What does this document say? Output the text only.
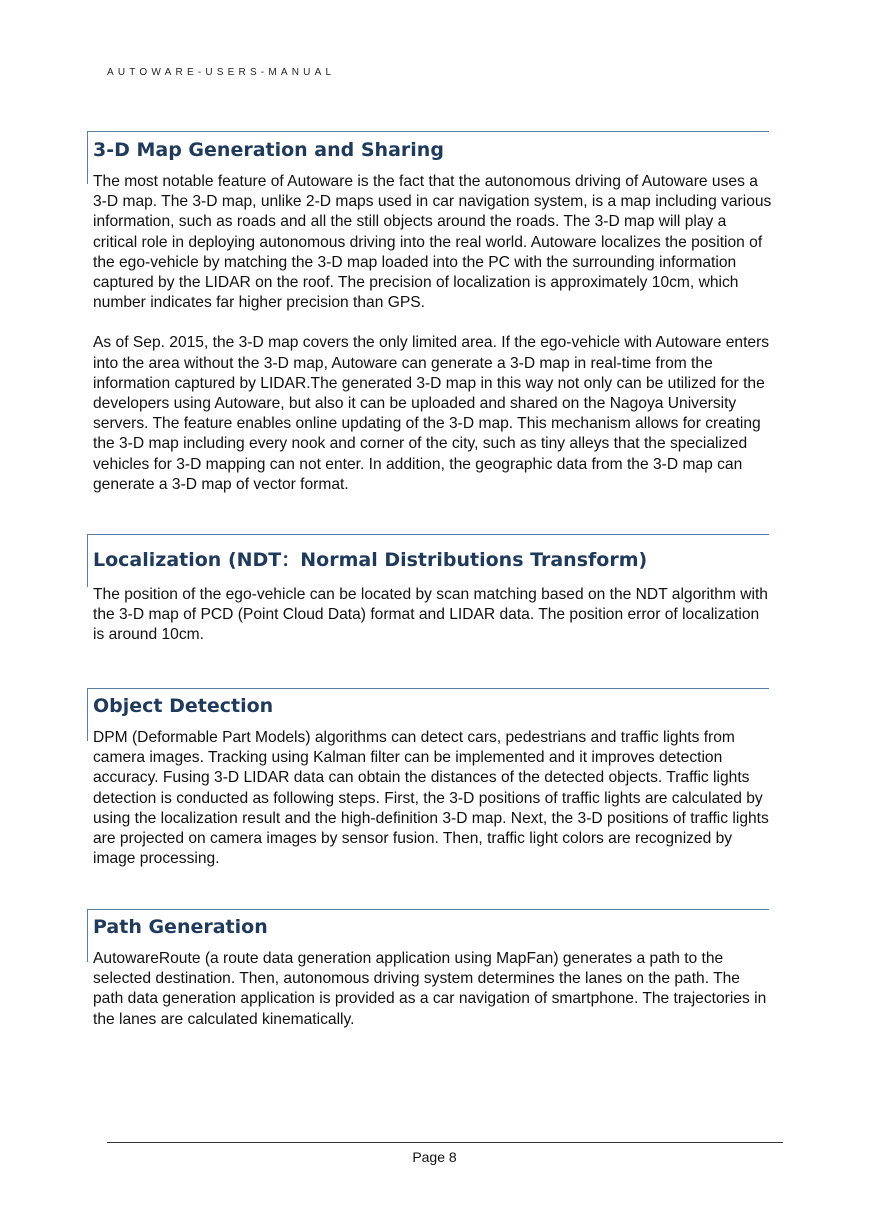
AUTOWARE-USERS-MANUAL
3-D Map Generation and Sharing

The most notable feature of Autoware is the fact that the autonomous driving of Autoware uses a 3-D map. The 3-D map, unlike 2-D maps used in car navigation system, is a map including various information, such as roads and all the still objects around the roads. The 3-D map will play a critical role in deploying autonomous driving into the real world. Autoware localizes the position of the ego-vehicle by matching the 3-D map loaded into the PC with the surrounding information captured by the LIDAR on the roof. The precision of localization is approximately 10cm, which number indicates far higher precision than GPS.

As of Sep. 2015, the 3-D map covers the only limited area. If the ego-vehicle with Autoware enters into the area without the 3-D map, Autoware can generate a 3-D map in real-time from the information captured by LIDAR.The generated 3-D map in this way not only can be utilized for the developers using Autoware, but also it can be uploaded and shared on the Nagoya University servers. The feature enables online updating of the 3-D map. This mechanism allows for creating the 3-D map including every nook and corner of the city, such as tiny alleys that the specialized vehicles for 3-D mapping can not enter. In addition, the geographic data from the 3-D map can generate a 3-D map of vector format.

Localization (NDT：Normal Distributions Transform)

The position of the ego-vehicle can be located by scan matching based on the NDT algorithm with the 3-D map of PCD (Point Cloud Data) format and LIDAR data. The position error of localization is around 10cm.

Object Detection

DPM (Deformable Part Models) algorithms can detect cars, pedestrians and traffic lights from camera images. Tracking using Kalman filter can be implemented and it improves detection accuracy. Fusing 3-D LIDAR data can obtain the distances of the detected objects. Traffic lights detection is conducted as following steps. First, the 3-D positions of traffic lights are calculated by using the localization result and the high-definition 3-D map. Next, the 3-D positions of traffic lights are projected on camera images by sensor fusion. Then, traffic light colors are recognized by image processing.

Path Generation

AutowareRoute (a route data generation application using MapFan) generates a path to the selected destination. Then, autonomous driving system determines the lanes on the path. The path data generation application is provided as a car navigation of smartphone. The trajectories in the lanes are calculated kinematically.

Page 8
